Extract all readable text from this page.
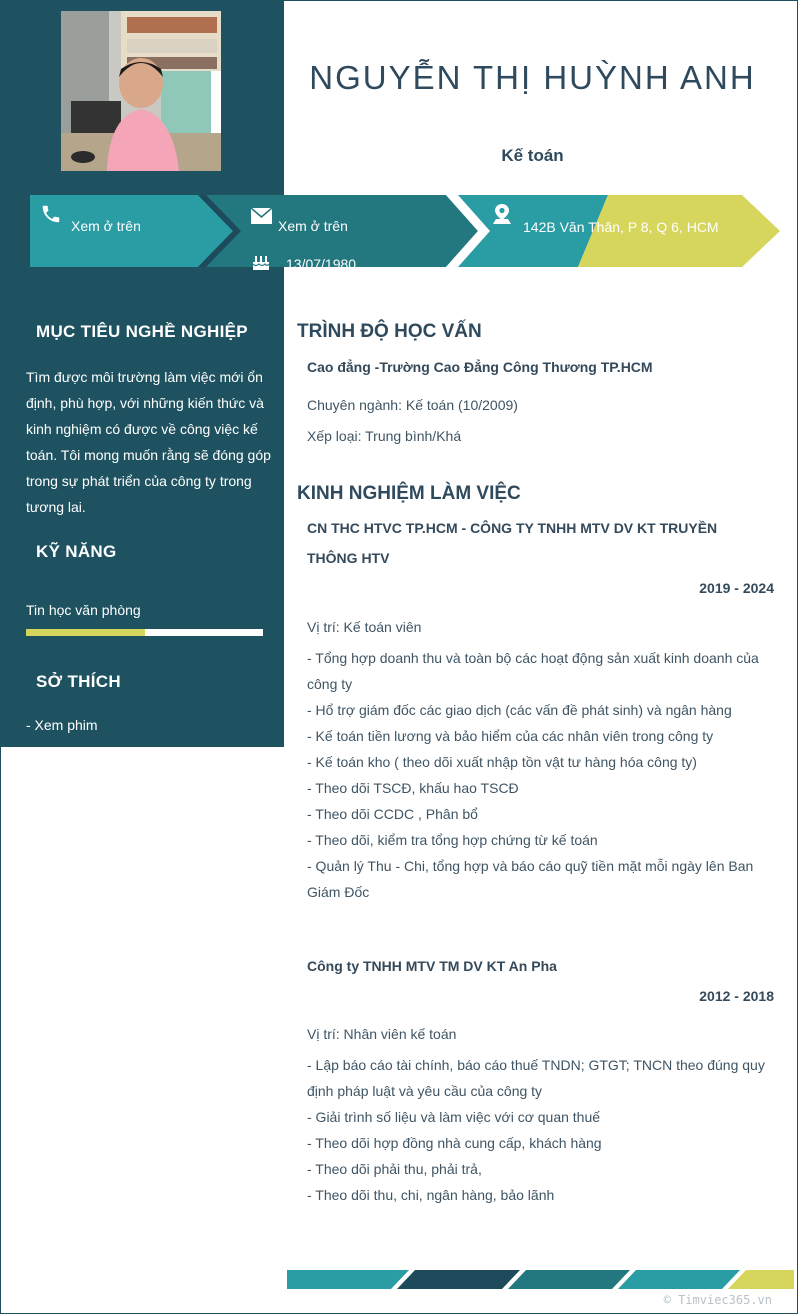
MỤC TIÊU NGHỀ NGHIỆP
Tìm được môi trường làm việc mới ổn định, phù hợp, với những kiến thức và kinh nghiệm có được về công việc kế toán. Tôi mong muốn rằng sẽ đóng góp trong sự phát triển của công ty trong tương lai.
KỸ NĂNG
Tin học văn phòng
SỞ THÍCH
- Xem phim
NGUYỄN THỊ HUỲNH ANH
Kế toán
Xem ở trên	Xem ở trên
13/07/1980
142B Văn Thân, P 8, Q 6, HCM
TRÌNH ĐỘ HỌC VẤN
Cao đẳng -Trường Cao Đẳng Công Thương TP.HCM
Chuyên ngành: Kế toán (10/2009)
Xếp loại: Trung bình/Khá
KINH NGHIỆM LÀM VIỆC
CN THC HTVC TP.HCM - CÔNG TY TNHH MTV DV KT TRUYỀN
THÔNG HTV
2019 - 2024
Vị trí: Kế toán viên
- Tổng hợp doanh thu và toàn bộ các hoạt động sản xuất kinh doanh của
công ty
- Hổ trợ giám đốc các giao dịch (các vấn đề phát sinh) và ngân hàng
- Kế toán tiền lương và bảo hiểm của các nhân viên trong công ty
- Kế toán kho ( theo dõi xuất nhập tồn vật tư hàng hóa công ty)
- Theo dõi TSCĐ, khấu hao TSCĐ
- Theo dõi CCDC , Phân bổ
- Theo dõi, kiểm tra tổng hợp chứng từ kế toán
- Quản lý Thu - Chi, tổng hợp và báo cáo quỹ tiền mặt mỗi ngày lên Ban
Giám Đốc
Công ty TNHH MTV TM DV KT An Pha
2012 - 2018
Vị trí: Nhân viên kế toán
- Lập báo cáo tài chính, báo cáo thuế TNDN; GTGT; TNCN theo đúng quy
định pháp luật và yêu cầu của công ty
- Giải trình số liệu và làm việc với cơ quan thuế
- Theo dõi hợp đồng nhà cung cấp, khách hàng
- Theo dõi phải thu, phải trả,
- Theo dõi thu, chi, ngân hàng, bảo lãnh
© Timviec365.vn
